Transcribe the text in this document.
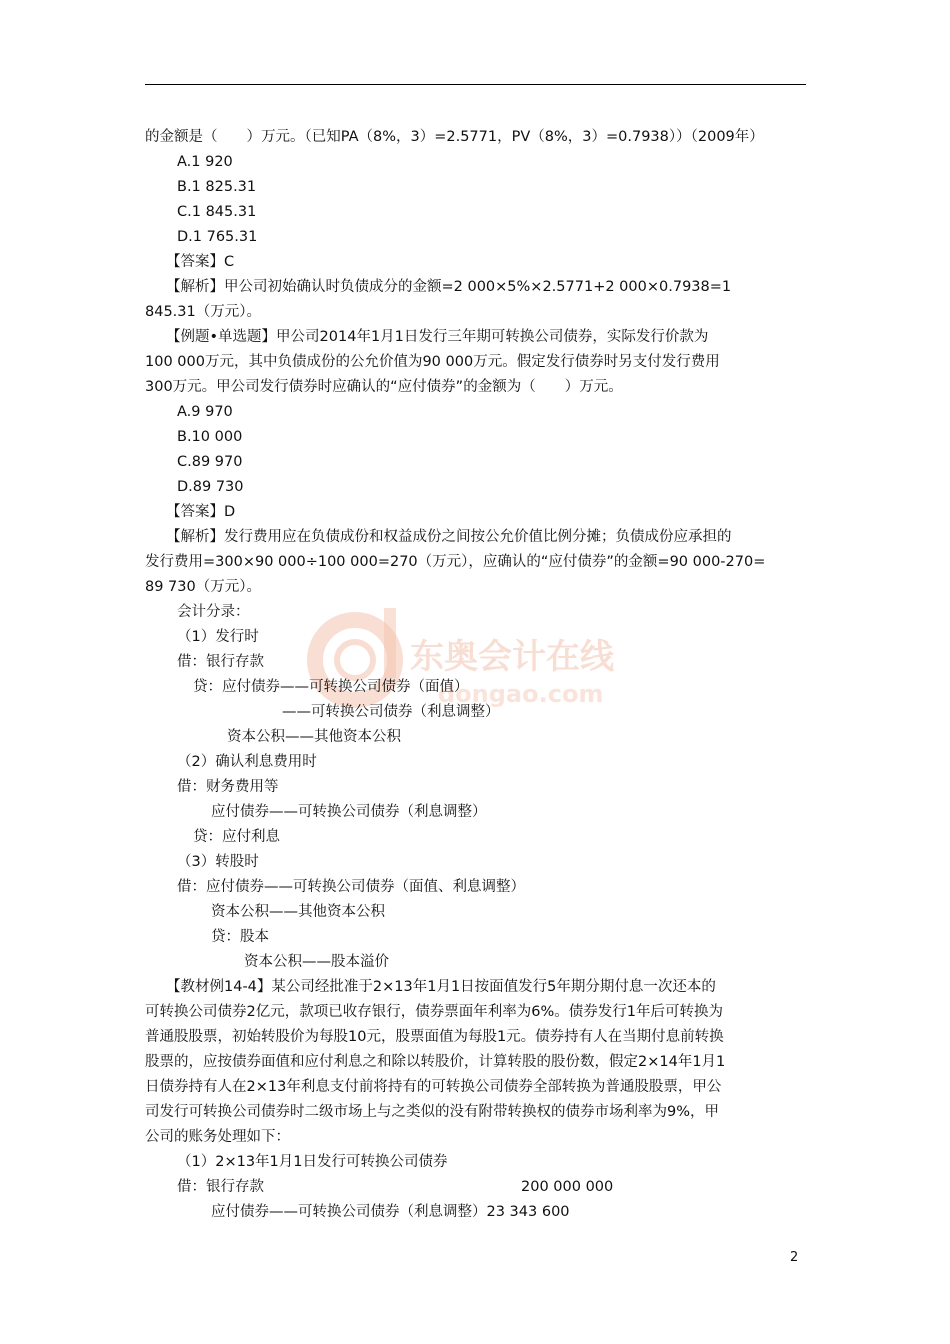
东奥会计在线
dongao.com
的金额是（　　）万元。（已知PA（8%，3）=2.5771，PV（8%，3）=0.7938））（2009年）
A.1 920
B.1 825.31
C.1 845.31
D.1 765.31
【答案】C
【解析】甲公司初始确认时负债成分的金额=2 000×5%×2.5771+2 000×0.7938=1
845.31（万元）。
【例题•单选题】甲公司2014年1月1日发行三年期可转换公司债券，实际发行价款为
100 000万元，其中负债成份的公允价值为90 000万元。假定发行债券时另支付发行费用
300万元。甲公司发行债券时应确认的“应付债券”的金额为（　　）万元。
A.9 970
B.10 000
C.89 970
D.89 730
【答案】D
【解析】发行费用应在负债成份和权益成份之间按公允价值比例分摊；负债成份应承担的
发行费用=300×90 000÷100 000=270（万元），应确认的“应付债券”的金额=90 000-270=
89 730（万元）。
会计分录：
（1）发行时
借：银行存款
贷：应付债券——可转换公司债券（面值）
——可转换公司债券（利息调整）
资本公积——其他资本公积
（2）确认利息费用时
借：财务费用等
应付债券——可转换公司债券（利息调整）
贷：应付利息
（3）转股时
借：应付债券——可转换公司债券（面值、利息调整）
资本公积——其他资本公积
贷：股本
资本公积——股本溢价
【教材例14-4】某公司经批准于2×13年1月1日按面值发行5年期分期付息一次还本的
可转换公司债券2亿元，款项已收存银行，债券票面年利率为6%。债券发行1年后可转换为
普通股股票，初始转股价为每股10元，股票面值为每股1元。债券持有人在当期付息前转换
股票的，应按债券面值和应付利息之和除以转股价，计算转股的股份数，假定2×14年1月1
日债券持有人在2×13年利息支付前将持有的可转换公司债券全部转换为普通股股票，甲公
司发行可转换公司债券时二级市场上与之类似的没有附带转换权的债券市场利率为9%，甲
公司的账务处理如下：
（1）2×13年1月1日发行可转换公司债券
借：银行存款	200 000 000
应付债券——可转换公司债券（利息调整）23 343 600
2
